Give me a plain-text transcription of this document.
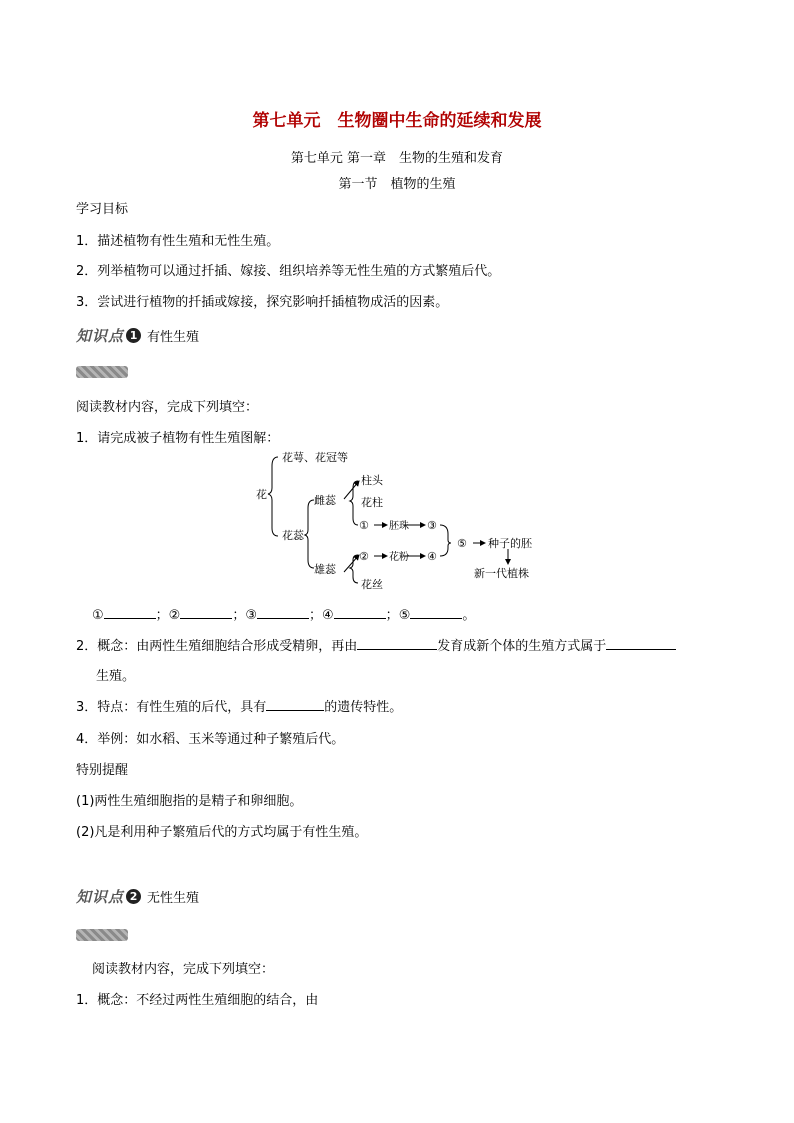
第七单元　生物圈中生命的延续和发展
第七单元 第一章　生物的生殖和发育
第一节　植物的生殖
学习目标
1．描述植物有性生殖和无性生殖。
2．列举植物可以通过扦插、嫁接、组织培养等无性生殖的方式繁殖后代。
3．尝试进行植物的扦插或嫁接，探究影响扦插植物成活的因素。
知识点 1 有性生殖
阅读教材内容，完成下列填空：
1．请完成被子植物有性生殖图解：
花萼、花冠等
花
花蕊
雌蕊
雄蕊
柱头
花柱
① 胚珠 ③
② 花粉 ④
⑤ 种子的胚
新一代植株
花丝
①	；②	；③	；④	；⑤	。
2．概念：由两性生殖细胞结合形成受精卵，再由	发育成新个体的生殖方式属于
生殖。
3．特点：有性生殖的后代，具有	的遗传特性。
4．举例：如水稻、玉米等通过种子繁殖后代。
特别提醒
(1)两性生殖细胞指的是精子和卵细胞。
(2)凡是利用种子繁殖后代的方式均属于有性生殖。
知识点 2 无性生殖
阅读教材内容，完成下列填空：
1．概念：不经过两性生殖细胞的结合，由
